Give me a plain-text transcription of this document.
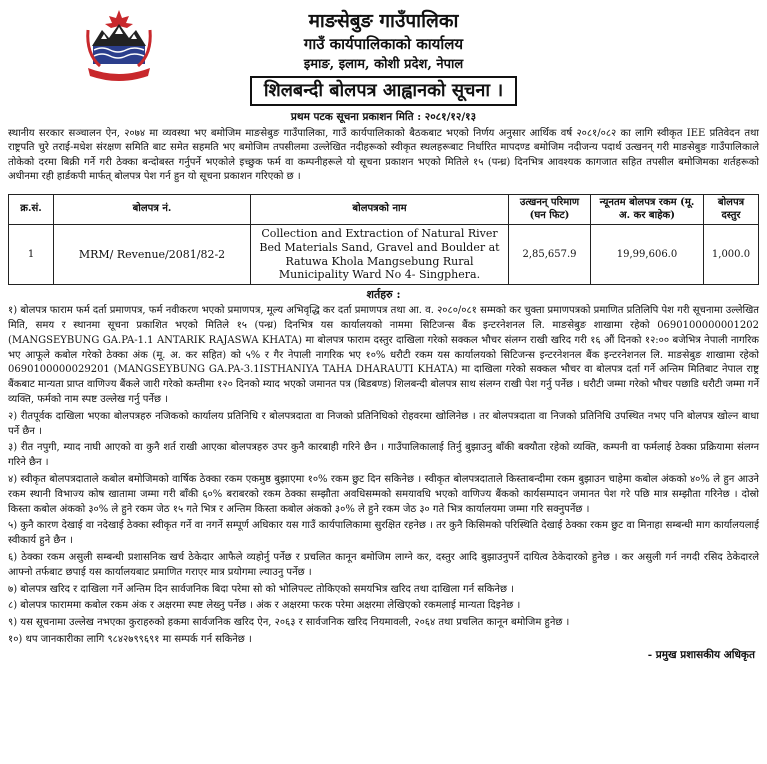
माङसेबुङ गाउँपालिका
गाउँ कार्यपालिकाको कार्यालय
इमाङ, इलाम, कोशी प्रदेश, नेपाल
शिलबन्दी बोलपत्र आह्वानको सूचना ।
प्रथम पटक सूचना प्रकाशन मिति : २०८१/१२/१३

स्थानीय सरकार सञ्चालन ऐन, २०७४ मा व्यवस्था भए बमोजिम माङसेबुङ गाउँपालिका, गाउँ कार्यपालिकाको बैठकबाट भएको निर्णय अनुसार आर्थिक वर्ष २०८१/०८२ का लागि स्वीकृत IEE प्रतिवेदन तथा राष्ट्रपति चुरे तराई-मधेश संरक्षण समिति बाट समेत सहमति भए बमोजिम तपसीलमा उल्लेखित नदीहरूको स्वीकृत स्थलहरूबाट निर्धारित मापदण्ड बमोजिम नदीजन्य पदार्थ उत्खनन् गरी माङसेबुङ गाउँपालिकाले तोकेको दरमा बिक्री गर्ने गरी ठेक्का बन्दोबस्त गर्नुपर्ने भएकोले इच्छुक फर्म वा कम्पनीहरूले यो सूचना प्रकाशन भएको मितिले १५ (पन्ध्र) दिनभित्र आवश्यक कागजात सहित तपसील बमोजिमका शर्तहरूको अधीनमा रही हार्डकपी मार्फत् बोलपत्र पेश गर्न हुन यो सूचना प्रकाशन गरिएको छ ।

क्र.सं.	बोलपत्र नं.	बोलपत्रको नाम	उत्खनन् परिमाण (घन फिट)	न्यूनतम बोलपत्र रकम (मू. अ. कर बाहेक)	बोलपत्र दस्तुर
1	MRM/ Revenue/2081/82-2	Collection and Extraction of Natural River Bed Materials Sand, Gravel and Boulder at Ratuwa Khola Mangsebung Rural Municipality Ward No 4- Singphera.	2,85,657.9	19,99,606.0	1,000.0
शर्तहरु :
१) बोलपत्र फाराम फर्म दर्ता प्रमाणपत्र, फर्म नवीकरण भएको प्रमाणपत्र, मूल्य अभिवृद्धि कर दर्ता प्रमाणपत्र तथा आ. व. २०८०/०८१ सम्मको कर चुक्ता प्रमाणपत्रको प्रमाणित प्रतिलिपि पेश गरी सूचनामा उल्लेखित मिति, समय र स्थानमा सूचना प्रकाशित भएको मितिले १५ (पन्ध्र) दिनभित्र यस कार्यालयको नाममा सिटिजन्स बैंक इन्टरनेशनल लि. माङसेबुङ शाखामा रहेको 0690100000001202 (MANGSEYBUNG GA.PA-1.1 ANTARIK RAJASWA KHATA) मा बोलपत्र फाराम दस्तुर दाखिला गरेको सक्कल भौचर संलग्न राखी खरिद गरी १६ औं दिनको १२:०० बजेभित्र नेपाली नागरिक भए आफूले कबोल गरेको ठेक्का अंक (मू. अ. कर सहित) को ५% र गैर नेपाली नागरिक भए १०% धरौटी रकम यस कार्यालयको सिटिजन्स इन्टरनेशनल बैंक इन्टरनेशनल लि. माङसेबुङ शाखामा रहेको 0690100000029201 (MANGSEYBUNG GA.PA-3.1ISTHANIYA TAHA DHARAUTI KHATA) मा दाखिला गरेको सक्कल भौचर वा बोलपत्र दर्ता गर्ने अन्तिम मितिबाट नेपाल राष्ट्र बैंकबाट मान्यता प्राप्त वाणिज्य बैंकले जारी गरेको कम्तीमा १२० दिनको म्याद भएको जमानत पत्र (बिडबण्ड) शिलबन्दी बोलपत्र साथ संलग्न राखी पेश गर्नु पर्नेछ । धरौटी जम्मा गरेको भौचर पछाडि धरौटी जम्मा गर्ने व्यक्ति, फर्मको नाम स्पष्ट उल्लेख गर्नु पर्नेछ ।
२) रीतपूर्वक दाखिला भएका बोलपत्रहरु नजिकको कार्यालय प्रतिनिधि र बोलपत्रदाता वा निजको प्रतिनिधिको रोहवरमा खोलिनेछ । तर बोलपत्रदाता वा निजको प्रतिनिधि उपस्थित नभए पनि बोलपत्र खोल्न बाधा पर्ने छैन ।
३) रीत नपुगी, म्याद नाघी आएको वा कुनै शर्त राखी आएका बोलपत्रहरु उपर कुनै कारबाही गरिने छैन । गाउँपालिकालाई तिर्नु बुझाउनु बाँकी बक्यौता रहेको व्यक्ति, कम्पनी वा फर्मलाई ठेक्का प्रक्रियामा संलग्न गरिने छैन ।
४) स्वीकृत बोलपत्रदाताले कबोल बमोजिमको वार्षिक ठेक्का रकम एकमुष्ठ बुझाएमा १०% रकम छुट दिन सकिनेछ । स्वीकृत बोलपत्रदाताले किस्ताबन्दीमा रकम बुझाउन चाहेमा कबोल अंकको ४०% ले हुन आउने रकम स्थानी विभाज्य कोष खातामा जम्मा गरी बाँकी ६०% बराबरको रकम ठेक्का सम्झौता अवधिसम्मको समयावधि भएको वाणिज्य बैंकको कार्यसम्पादन जमानत पेश गरे पछि मात्र सम्झौता गरिनेछ । दोस्रो किस्ता कबोल अंकको ३०% ले हुने रकम जेठ १५ गते भित्र र अन्तिम किस्ता कबोल अंकको ३०% ले हुने रकम जेठ ३० गते भित्र कार्यालयमा जम्मा गरि सक्नुपर्नेछ ।
५) कुनै कारण देखाई वा नदेखाई ठेक्का स्वीकृत गर्ने वा नगर्ने सम्पूर्ण अधिकार यस गाउँ कार्यपालिकामा सुरक्षित रहनेछ । तर कुनै किसिमको परिस्थिति देखाई ठेक्का रकम छुट वा मिनाहा सम्बन्धी माग कार्यालयलाई स्वीकार्य हुने छैन ।
६) ठेक्का रकम असुली सम्बन्धी प्रशासनिक खर्च ठेकेदार आफैले व्यहोर्नु पर्नेछ र प्रचलित कानून बमोजिम लाग्ने कर, दस्तुर आदि बुझाउनुपर्ने दायित्व ठेकेदारको हुनेछ । कर असुली गर्न नगदी रसिद ठेकेदारले आफ्नो तर्फबाट छपाई यस कार्यालयबाट प्रमाणित गराएर मात्र प्रयोगमा ल्याउनु पर्नेछ ।
७) बोलपत्र खरिद र दाखिला गर्ने अन्तिम दिन सार्वजनिक बिदा परेमा सो को भोलिपल्ट तोकिएको समयभित्र खरिद तथा दाखिला गर्न सकिनेछ ।
८) बोलपत्र फाराममा कबोल रकम अंक र अक्षरमा स्पष्ट लेख्नु पर्नेछ । अंक र अक्षरमा फरक परेमा अक्षरमा लेखिएको रकमलाई मान्यता दिइनेछ ।
९) यस सूचनामा उल्लेख नभएका कुराहरुको हकमा सार्वजनिक खरिद ऐन, २०६३ र सार्वजनिक खरिद नियमावली, २०६४ तथा प्रचलित कानून बमोजिम हुनेछ ।
१०) थप जानकारीका लागि ९८४२७९९६९१ मा सम्पर्क गर्न सकिनेछ ।
- प्रमुख प्रशासकीय अधिकृत
